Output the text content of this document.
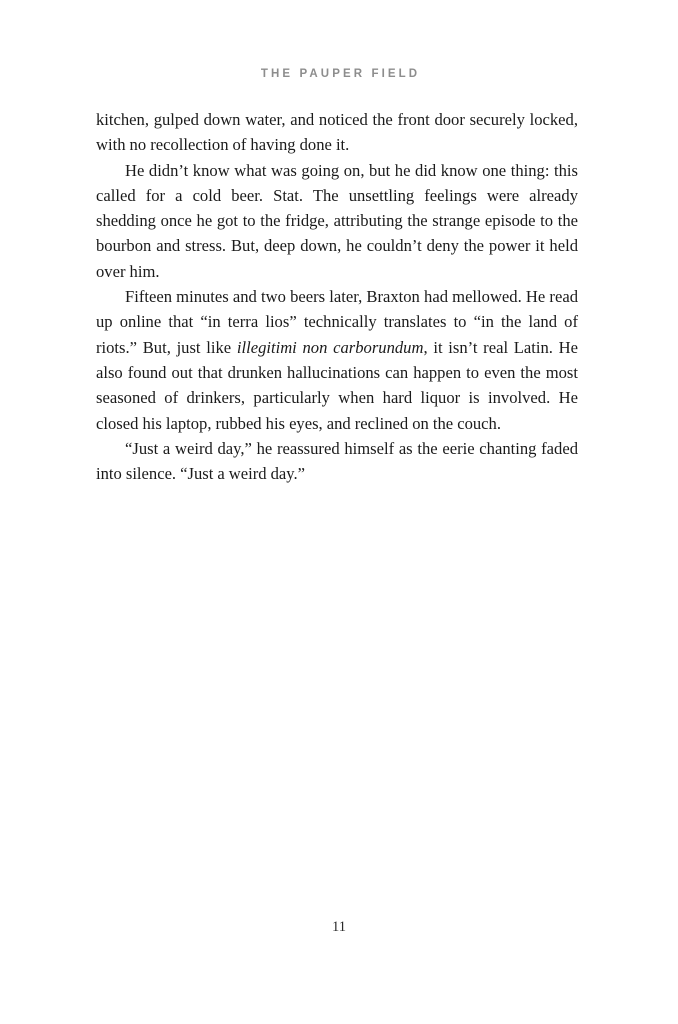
THE PAUPER FIELD

kitchen, gulped down water, and noticed the front door securely locked, with no recollection of having done it.

He didn’t know what was going on, but he did know one thing: this called for a cold beer. Stat. The unsettling feelings were already shedding once he got to the fridge, attributing the strange episode to the bourbon and stress. But, deep down, he couldn’t deny the power it held over him.

Fifteen minutes and two beers later, Braxton had mellowed. He read up online that “in terra lios” technically translates to “in the land of riots.” But, just like illegitimi non carborundum, it isn’t real Latin. He also found out that drunken hallucinations can happen to even the most seasoned of drinkers, particularly when hard liquor is involved. He closed his laptop, rubbed his eyes, and reclined on the couch.

“Just a weird day,” he reassured himself as the eerie chanting faded into silence. “Just a weird day.”

11
